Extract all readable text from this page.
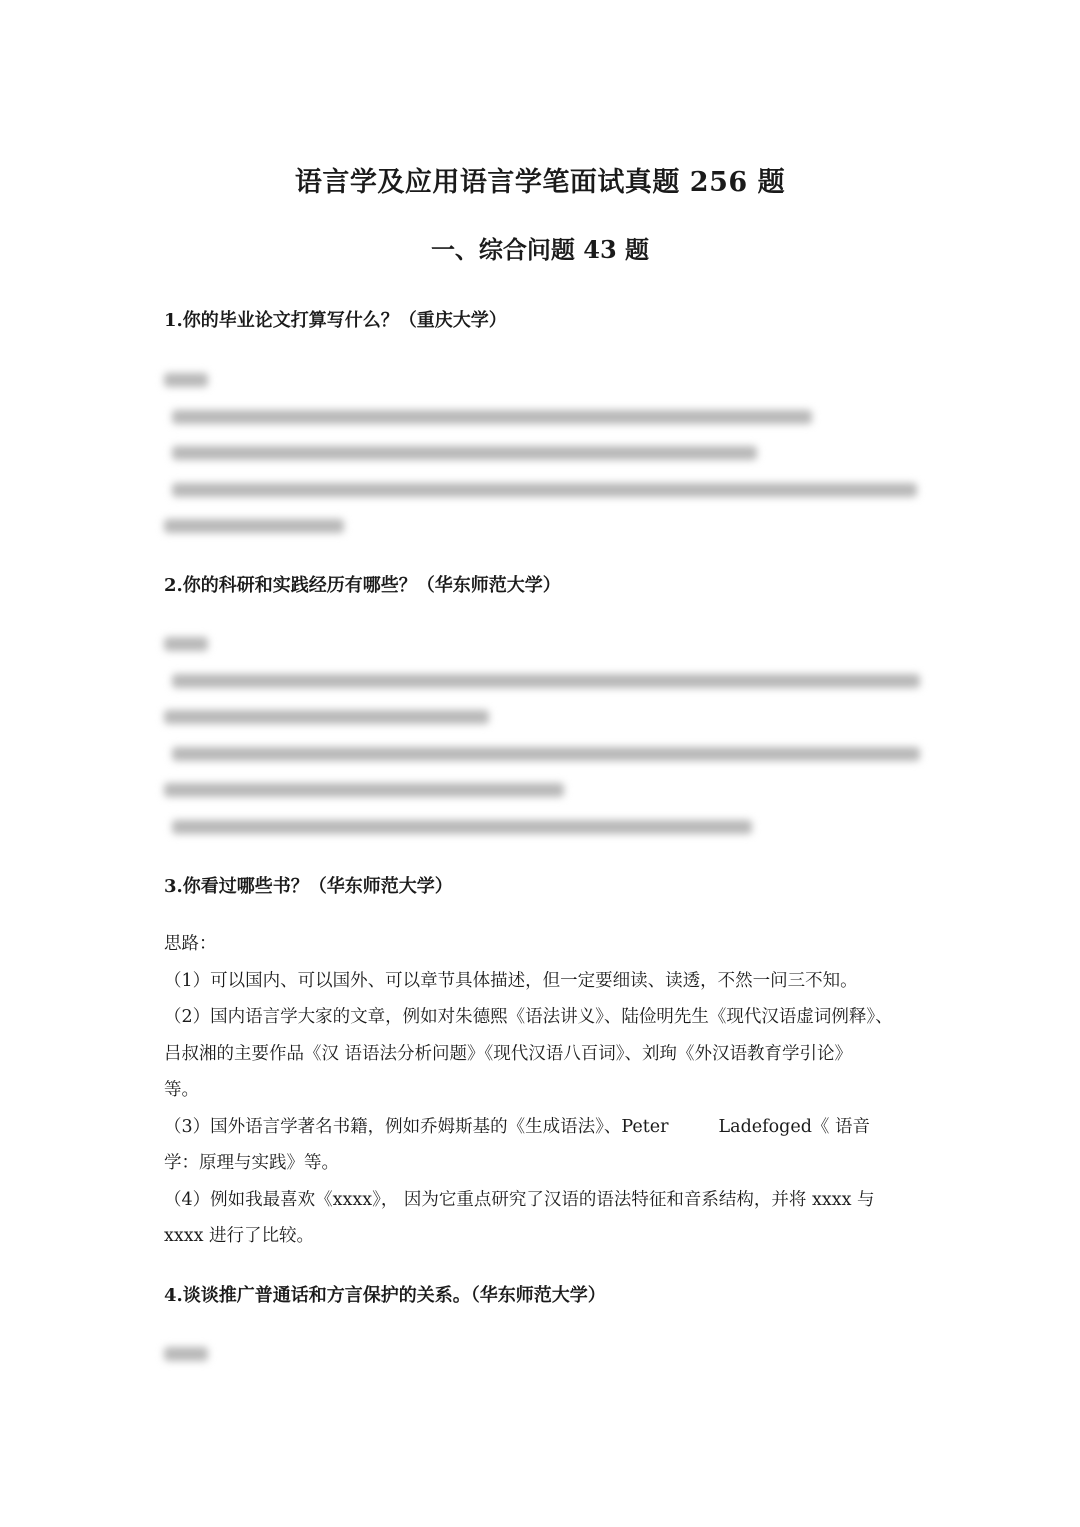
语言学及应用语言学笔面试真题 256 题
一、综合问题 43 题
1.你的毕业论文打算写什么？（重庆大学）
2.你的科研和实践经历有哪些？（华东师范大学）
3.你看过哪些书？（华东师范大学）
思路：
（1）可以国内、可以国外、可以章节具体描述，但一定要细读、读透，不然一问三不知。
（2）国内语言学大家的文章，例如对朱德熙《语法讲义》、陆俭明先生《现代汉语虚词例释》、
吕叔湘的主要作品《汉 语语法分析问题》《现代汉语八百词》、刘珣《外汉语教育学引论》
等。
（3）国外语言学著名书籍，例如乔姆斯基的《生成语法》、Peter         Ladefoged《 语音
学：原理与实践》等。
（4）例如我最喜欢《xxxx》， 因为它重点研究了汉语的语法特征和音系结构，并将 xxxx 与
xxxx 进行了比较。
4.谈谈推广普通话和方言保护的关系。（华东师范大学）
